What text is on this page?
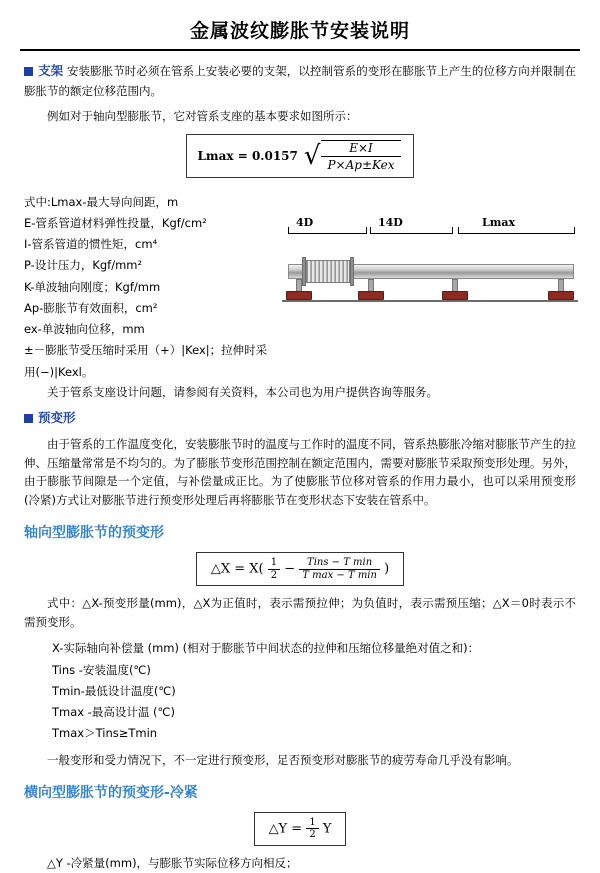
金属波纹膨胀节安装说明

支架 安装膨胀节时必须在管系上安装必要的支架，以控制管系的变形在膨胀节上产生的位移方向并限制在膨胀节的额定位移范围内。

例如对于轴向型膨胀节，它对管系支座的基本要求如图所示：

Lmax = 0.0157 √ $\frac{E\times I}{\text{P×Ap±Kex}}$
式中:Lmax-最大导向间距，m
E-管系管道材料弹性投量，Kgf/cm²
I-管系管道的惯性矩，cm⁴
P-设计压力，Kgf/mm²
K-单波轴向刚度；Kgf/mm
Ap-膨胀节有效面积，cm²
ex-单波轴向位移，mm
±－膨胀节受压缩时采用（+）|Kex|；拉伸时采用(−)|Kexl。
4D	14D	Lmax

关于管系支座设计问题，请参阅有关资料，本公司也为用户提供咨询等服务。

预变形

由于管系的工作温度变化，安装膨胀节时的温度与工作时的温度不同，管系热膨胀冷缩对膨胀节产生的拉伸、压缩量常常是不均匀的。为了膨胀节变形范围控制在额定范围内，需要对膨胀节采取预变形处理。另外，由于膨胀节间隙是一个定值，与补偿量成正比。为了使膨胀节位移对管系的作用力最小，也可以采用预变形(冷紧)方式让对膨胀节进行预变形处理后再将膨胀节在变形状态下安装在管系中。

轴向型膨胀节的预变形
△X = $X( \frac{1}{2} - \frac{\text{Tins − T min}}{\text{T max − T min}}$ )

式中：△X-预变形量(mm)，△X为正值时，表示需预拉伸；为负值时，表示需预压缩；△X＝0时表示不需预变形。

X-实际轴向补偿量 (mm) (相对于膨胀节中间状态的拉伸和压缩位移量绝对值之和)：
Tins -安装温度(℃)
Tmin-最低设计温度(℃)
Tmax -最高设计温 (℃)
Tmax＞Tins≥Tmin

一般变形和受力情况下，不一定进行预变形，足否预变形对膨胀节的疲劳寿命几乎没有影响。

横向型膨胀节的预变形-冷紧
△Y = $\frac{1}{2}$ Y

△Y -冷紧量(mm)，与膨胀节实际位移方向相反；
